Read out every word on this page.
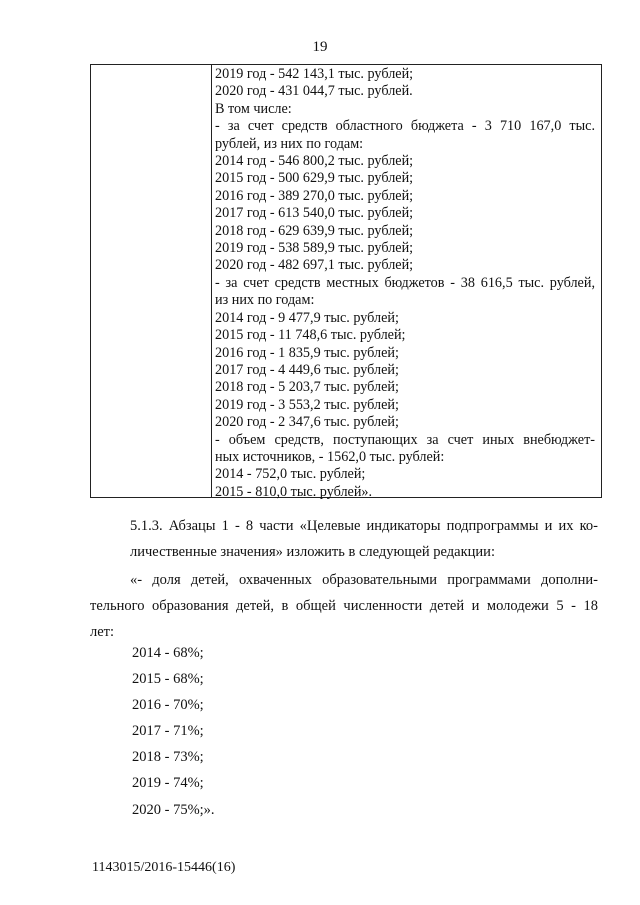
19
2019 год - 542 143,1 тыс. рублей;
2020 год - 431 044,7 тыс. рублей.
В том числе:
- за счет средств областного бюджета - 3 710 167,0 тыс.
рублей, из них по годам:
2014 год - 546 800,2 тыс. рублей;
2015 год - 500 629,9 тыс. рублей;
2016 год - 389 270,0 тыс. рублей;
2017 год - 613 540,0 тыс. рублей;
2018 год - 629 639,9 тыс. рублей;
2019 год - 538 589,9 тыс. рублей;
2020 год - 482 697,1 тыс. рублей;
- за счет средств местных бюджетов - 38 616,5 тыс. рублей,
из них по годам:
2014 год - 9 477,9 тыс. рублей;
2015 год - 11 748,6 тыс. рублей;
2016 год - 1 835,9 тыс. рублей;
2017 год - 4 449,6 тыс. рублей;
2018 год - 5 203,7 тыс. рублей;
2019 год - 3 553,2 тыс. рублей;
2020 год - 2 347,6 тыс. рублей;
- объем средств, поступающих за счет иных внебюджет-
ных источников, - 1562,0 тыс. рублей:
2014 - 752,0 тыс. рублей;
2015 - 810,0 тыс. рублей».
5.1.3. Абзацы 1 - 8 части «Целевые индикаторы подпрограммы и их ко-
личественные значения» изложить в следующей редакции:
«- доля детей, охваченных образовательными программами дополни-
тельного образования детей, в общей численности детей и молодежи 5 - 18
лет:
2014 - 68%;
2015 - 68%;
2016 - 70%;
2017 - 71%;
2018 - 73%;
2019 - 74%;
2020 - 75%;».
1143015/2016-15446(16)
